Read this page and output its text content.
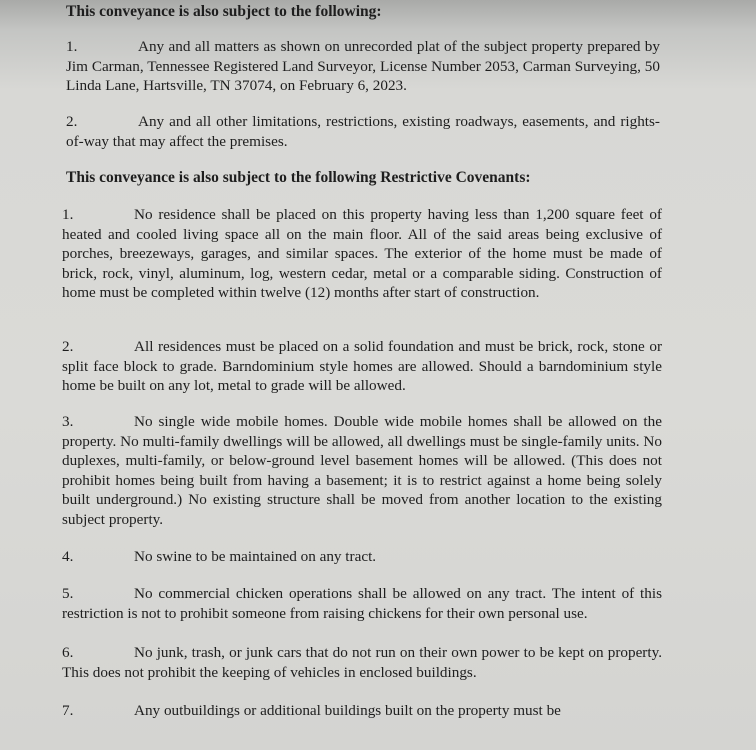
This conveyance is also subject to the following:

1.	Any and all matters as shown on unrecorded plat of the subject property prepared by Jim Carman, Tennessee Registered Land Surveyor, License Number 2053, Carman Surveying, 50 Linda Lane, Hartsville, TN 37074, on February 6, 2023.

2.	Any and all other limitations, restrictions, existing roadways, easements, and rights-of-way that may affect the premises.

This conveyance is also subject to the following Restrictive Covenants:

1.	No residence shall be placed on this property having less than 1,200 square feet of heated and cooled living space all on the main floor. All of the said areas being exclusive of porches, breezeways, garages, and similar spaces. The exterior of the home must be made of brick, rock, vinyl, aluminum, log, western cedar, metal or a comparable siding. Construction of home must be completed within twelve (12) months after start of construction.

2.	All residences must be placed on a solid foundation and must be brick, rock, stone or split face block to grade. Barndominium style homes are allowed. Should a barndominium style home be built on any lot, metal to grade will be allowed.

3.	No single wide mobile homes. Double wide mobile homes shall be allowed on the property. No multi-family dwellings will be allowed, all dwellings must be single-family units. No duplexes, multi-family, or below-ground level basement homes will be allowed. (This does not prohibit homes being built from having a basement; it is to restrict against a home being solely built underground.) No existing structure shall be moved from another location to the existing subject property.

4.	No swine to be maintained on any tract.

5.	No commercial chicken operations shall be allowed on any tract. The intent of this restriction is not to prohibit someone from raising chickens for their own personal use.

6.	No junk, trash, or junk cars that do not run on their own power to be kept on property. This does not prohibit the keeping of vehicles in enclosed buildings.

7.	Any outbuildings or additional buildings built on the property must be
